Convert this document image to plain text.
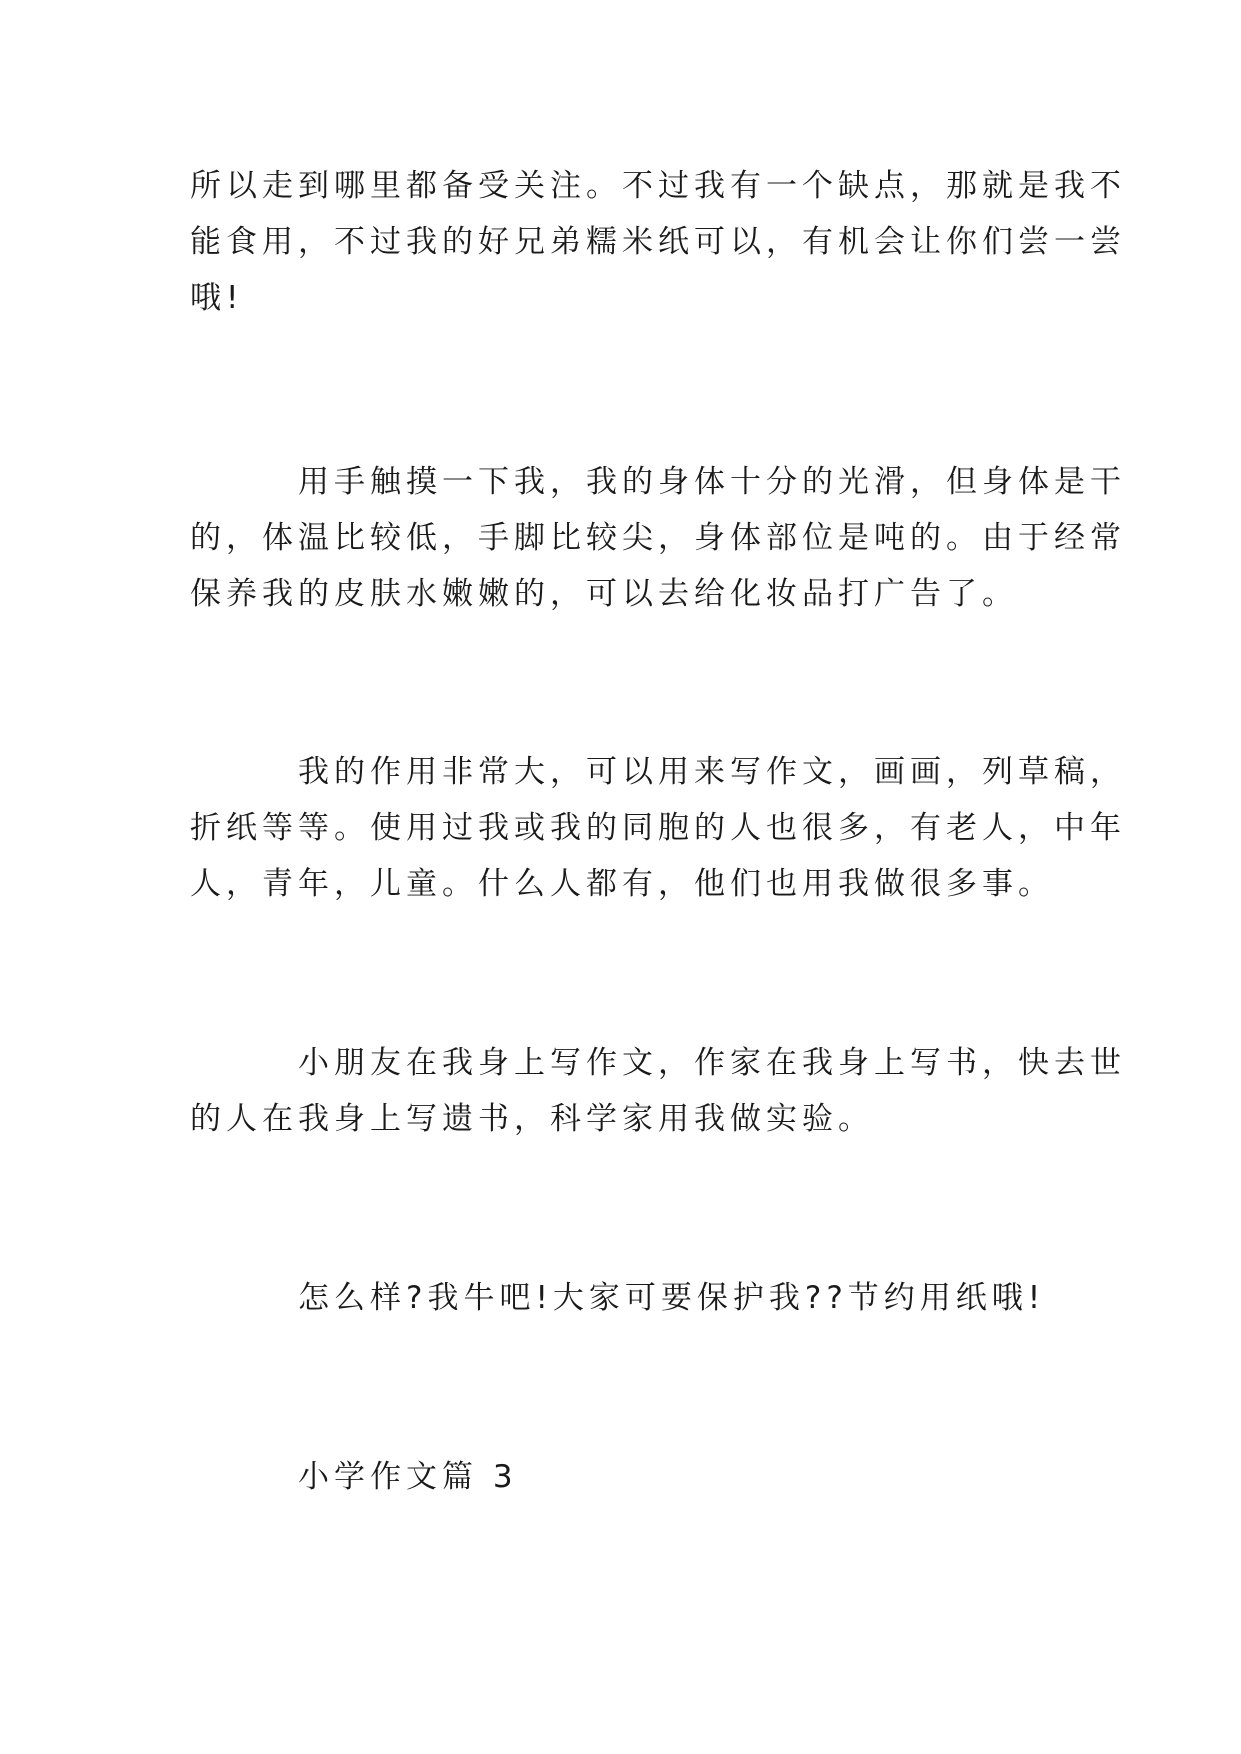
所以走到哪里都备受关注。不过我有一个缺点，那就是我不
能食用，不过我的好兄弟糯米纸可以，有机会让你们尝一尝
哦!
用手触摸一下我，我的身体十分的光滑，但身体是干
的，体温比较低，手脚比较尖，身体部位是吨的。由于经常
保养我的皮肤水嫩嫩的，可以去给化妆品打广告了。
我的作用非常大，可以用来写作文，画画，列草稿，
折纸等等。使用过我或我的同胞的人也很多，有老人，中年
人，青年，儿童。什么人都有，他们也用我做很多事。
小朋友在我身上写作文，作家在我身上写书，快去世
的人在我身上写遗书，科学家用我做实验。
怎么样?我牛吧!大家可要保护我??节约用纸哦!
小学作文篇 3
